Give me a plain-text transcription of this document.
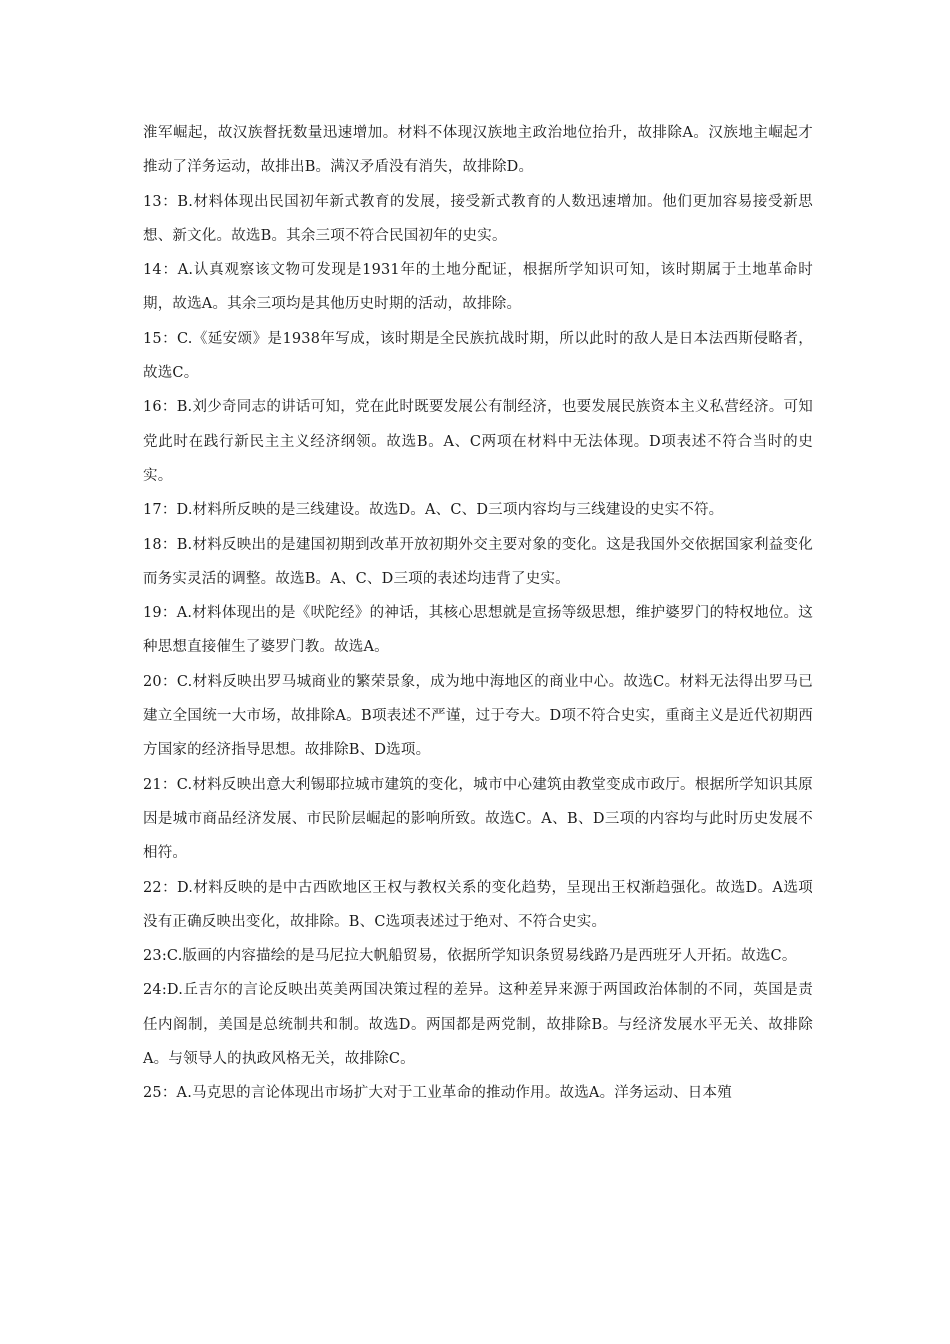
淮军崛起，故汉族督抚数量迅速增加。材料不体现汉族地主政治地位抬升，故排除A。汉族地主崛起才推动了洋务运动，故排出B。满汉矛盾没有消失，故排除D。

13：B.材料体现出民国初年新式教育的发展，接受新式教育的人数迅速增加。他们更加容易接受新思想、新文化。故选B。其余三项不符合民国初年的史实。

14：A.认真观察该文物可发现是1931年的土地分配证，根据所学知识可知，该时期属于土地革命时期，故选A。其余三项均是其他历史时期的活动，故排除。

15：C.《延安颂》是1938年写成，该时期是全民族抗战时期，所以此时的敌人是日本法西斯侵略者，故选C。

16：B.刘少奇同志的讲话可知，党在此时既要发展公有制经济，也要发展民族资本主义私营经济。可知党此时在践行新民主主义经济纲领。故选B。A、C两项在材料中无法体现。D项表述不符合当时的史实。

17：D.材料所反映的是三线建设。故选D。A、C、D三项内容均与三线建设的史实不符。

18：B.材料反映出的是建国初期到改革开放初期外交主要对象的变化。这是我国外交依据国家利益变化而务实灵活的调整。故选B。A、C、D三项的表述均违背了史实。

19：A.材料体现出的是《吠陀经》的神话，其核心思想就是宣扬等级思想，维护婆罗门的特权地位。这种思想直接催生了婆罗门教。故选A。

20：C.材料反映出罗马城商业的繁荣景象，成为地中海地区的商业中心。故选C。材料无法得出罗马已建立全国统一大市场，故排除A。B项表述不严谨，过于夸大。D项不符合史实，重商主义是近代初期西方国家的经济指导思想。故排除B、D选项。

21：C.材料反映出意大利锡耶拉城市建筑的变化，城市中心建筑由教堂变成市政厅。根据所学知识其原因是城市商品经济发展、市民阶层崛起的影响所致。故选C。A、B、D三项的内容均与此时历史发展不相符。

22：D.材料反映的是中古西欧地区王权与教权关系的变化趋势，呈现出王权渐趋强化。故选D。A选项没有正确反映出变化，故排除。B、C选项表述过于绝对、不符合史实。

23:C.版画的内容描绘的是马尼拉大帆船贸易，依据所学知识条贸易线路乃是西班牙人开拓。故选C。

24:D.丘吉尔的言论反映出英美两国决策过程的差异。这种差异来源于两国政治体制的不同，英国是责任内阁制，美国是总统制共和制。故选D。两国都是两党制，故排除B。与经济发展水平无关、故排除A。与领导人的执政风格无关，故排除C。

25：A.马克思的言论体现出市场扩大对于工业革命的推动作用。故选A。洋务运动、日本殖
